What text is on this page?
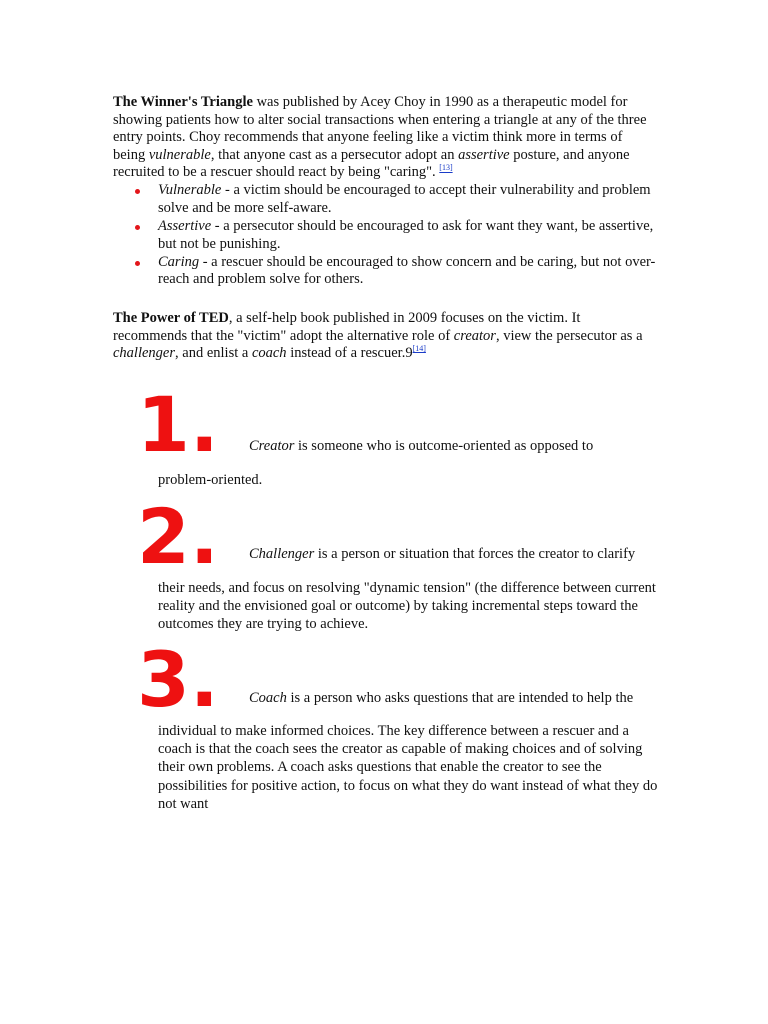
The Winner's Triangle was published by Acey Choy in 1990 as a therapeutic model for showing patients how to alter social transactions when entering a triangle at any of the three entry points. Choy recommends that anyone feeling like a victim think more in terms of being vulnerable, that anyone cast as a persecutor adopt an assertive posture, and anyone recruited to be a rescuer should react by being "caring". [13]
Vulnerable - a victim should be encouraged to accept their vulnerability and problem solve and be more self-aware.
Assertive - a persecutor should be encouraged to ask for want they want, be assertive, but not be punishing.
Caring - a rescuer should be encouraged to show concern and be caring, but not over-reach and problem solve for others.
The Power of TED, a self-help book published in 2009 focuses on the victim. It recommends that the "victim" adopt the alternative role of creator, view the persecutor as a challenger, and enlist a coach instead of a rescuer.9[14]
1. Creator is someone who is outcome-oriented as opposed to
problem-oriented.
2. Challenger is a person or situation that forces the creator to clarify
their needs, and focus on resolving "dynamic tension" (the difference between current reality and the envisioned goal or outcome) by taking incremental steps toward the outcomes they are trying to achieve.
3. Coach is a person who asks questions that are intended to help the
individual to make informed choices. The key difference between a rescuer and a coach is that the coach sees the creator as capable of making choices and of solving their own problems. A coach asks questions that enable the creator to see the possibilities for positive action, to focus on what they do want instead of what they do not want
